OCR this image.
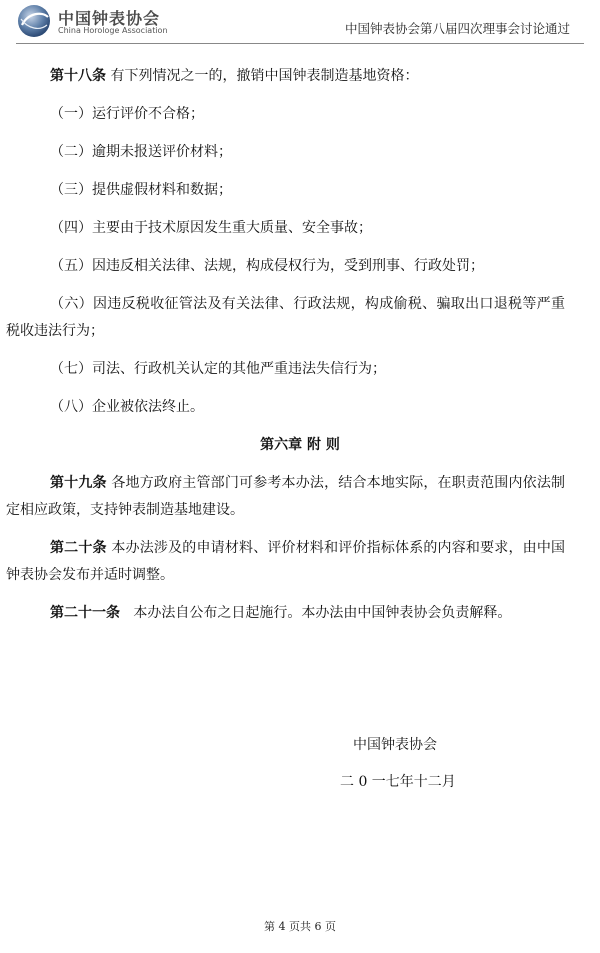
中国钟表协会
China Horologe Association	中国钟表协会第八届四次理事会讨论通过

第十八条 有下列情况之一的，撤销中国钟表制造基地资格：

（一）运行评价不合格；

（二）逾期未报送评价材料；

（三）提供虚假材料和数据；

（四）主要由于技术原因发生重大质量、安全事故；

（五）因违反相关法律、法规，构成侵权行为，受到刑事、行政处罚；

（六）因违反税收征管法及有关法律、行政法规，构成偷税、骗取出口退税等严重税收违法行为；

（七）司法、行政机关认定的其他严重违法失信行为；

（八）企业被依法终止。

第六章 附 则

第十九条 各地方政府主管部门可参考本办法，结合本地实际，在职责范围内依法制定相应政策，支持钟表制造基地建设。

第二十条 本办法涉及的申请材料、评价材料和评价指标体系的内容和要求，由中国钟表协会发布并适时调整。

第二十一条 本办法自公布之日起施行。本办法由中国钟表协会负责解释。

中国钟表协会
二 0 一七年十二月
第 4 页共 6 页
